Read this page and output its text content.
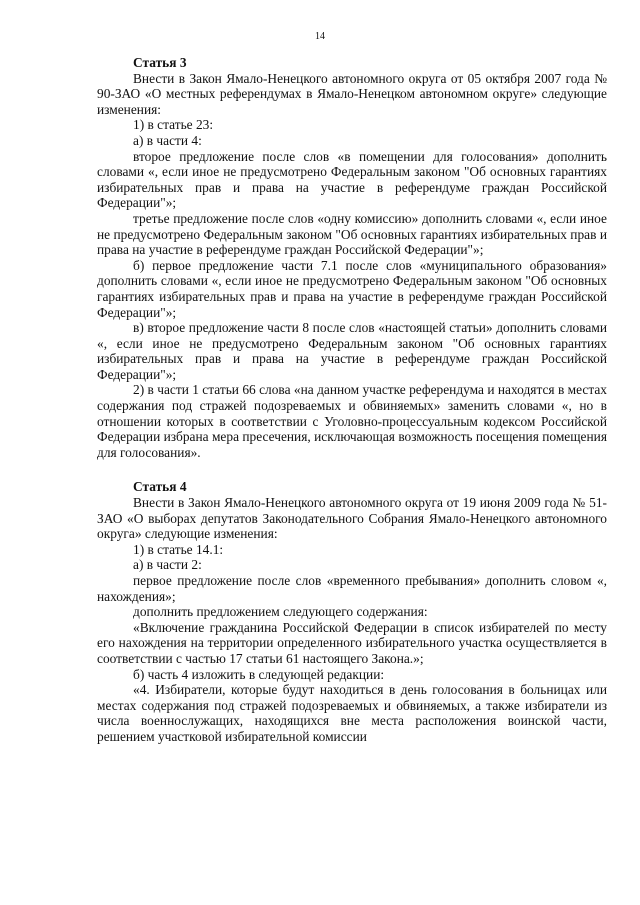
14

Статья 3

Внести в Закон Ямало-Ненецкого автономного округа от 05 октября 2007 года № 90-ЗАО «О местных референдумах в Ямало-Ненецком автономном округе» следующие изменения:

1) в статье 23:

а) в части 4:

второе предложение после слов «в помещении для голосования» дополнить словами «, если иное не предусмотрено Федеральным законом "Об основных гарантиях избирательных прав и права на участие в референдуме граждан Российской Федерации"»;

третье предложение после слов «одну комиссию» дополнить словами «, если иное не предусмотрено Федеральным законом "Об основных гарантиях избирательных прав и права на участие в референдуме граждан Российской Федерации"»;

б) первое предложение части 7.1 после слов «муниципального образования» дополнить словами «, если иное не предусмотрено Федеральным законом "Об основных гарантиях избирательных прав и права на участие в референдуме граждан Российской Федерации"»;

в) второе предложение части 8 после слов «настоящей статьи» дополнить словами «, если иное не предусмотрено Федеральным законом "Об основных гарантиях избирательных прав и права на участие в референдуме граждан Российской Федерации"»;

2) в части 1 статьи 66 слова «на данном участке референдума и находятся в местах содержания под стражей подозреваемых и обвиняемых» заменить словами «, но в отношении которых в соответствии с Уголовно-процессуальным кодексом Российской Федерации избрана мера пресечения, исключающая возможность посещения помещения для голосования».

Статья 4

Внести в Закон Ямало-Ненецкого автономного округа от 19 июня 2009 года № 51-ЗАО «О выборах депутатов Законодательного Собрания Ямало-Ненецкого автономного округа» следующие изменения:

1) в статье 14.1:

а) в части 2:

первое предложение после слов «временного пребывания» дополнить словом «, нахождения»;

дополнить предложением следующего содержания:

«Включение гражданина Российской Федерации в список избирателей по месту его нахождения на территории определенного избирательного участка осуществляется в соответствии с частью 17 статьи 61 настоящего Закона.»;

б) часть 4 изложить в следующей редакции:

«4. Избиратели, которые будут находиться в день голосования в больницах или местах содержания под стражей подозреваемых и обвиняемых, а также избиратели из числа военнослужащих, находящихся вне места расположения воинской части, решением участковой избирательной комиссии
